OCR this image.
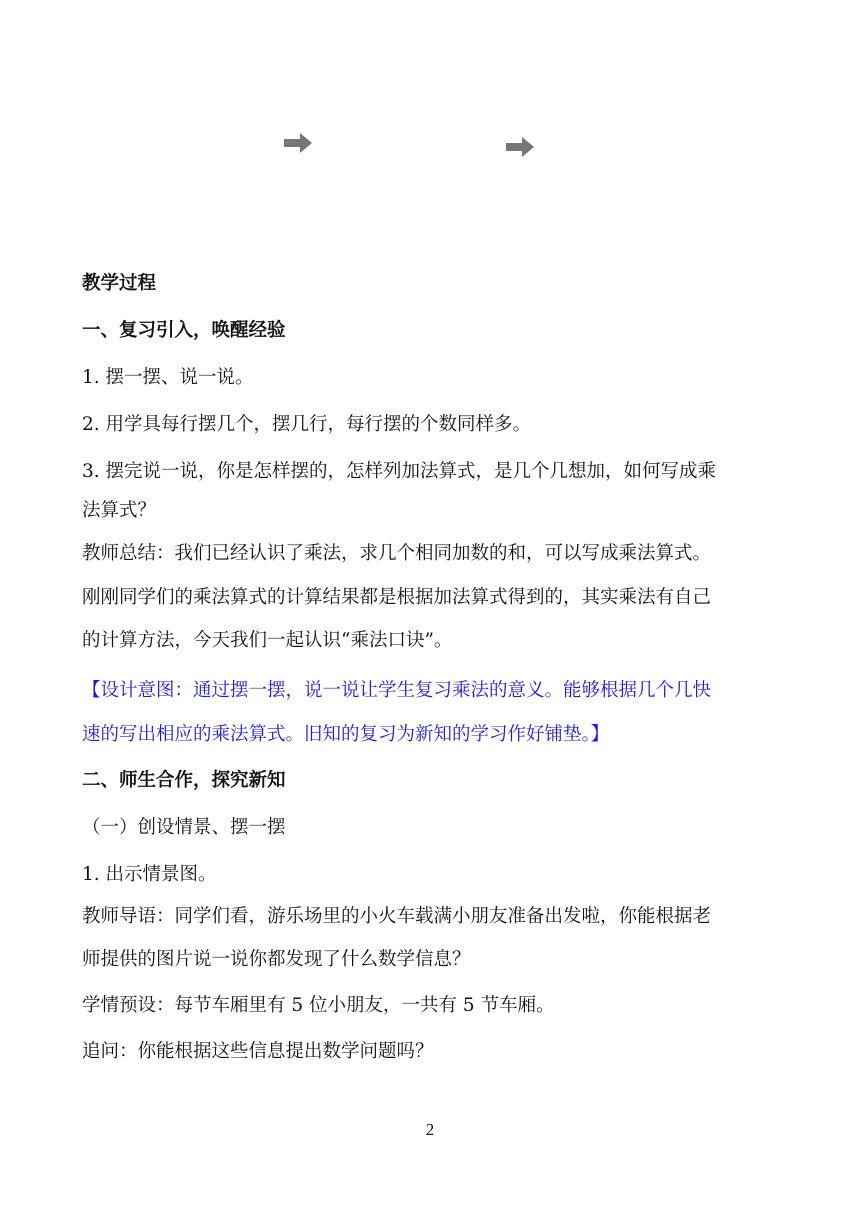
教学过程
一、复习引入，唤醒经验
1. 摆一摆、说一说。
2. 用学具每行摆几个，摆几行，每行摆的个数同样多。
3. 摆完说一说，你是怎样摆的，怎样列加法算式，是几个几想加，如何写成乘
法算式？
教师总结：我们已经认识了乘法，求几个相同加数的和，可以写成乘法算式。
刚刚同学们的乘法算式的计算结果都是根据加法算式得到的，其实乘法有自己
的计算方法，今天我们一起认识“乘法口诀”。
【设计意图：通过摆一摆，说一说让学生复习乘法的意义。能够根据几个几快
速的写出相应的乘法算式。旧知的复习为新知的学习作好铺垫。】
二、师生合作，探究新知
（一）创设情景、摆一摆
1. 出示情景图。
教师导语：同学们看，游乐场里的小火车载满小朋友准备出发啦，你能根据老
师提供的图片说一说你都发现了什么数学信息？
学情预设：每节车厢里有 5 位小朋友，一共有 5 节车厢。
追问：你能根据这些信息提出数学问题吗？
2
